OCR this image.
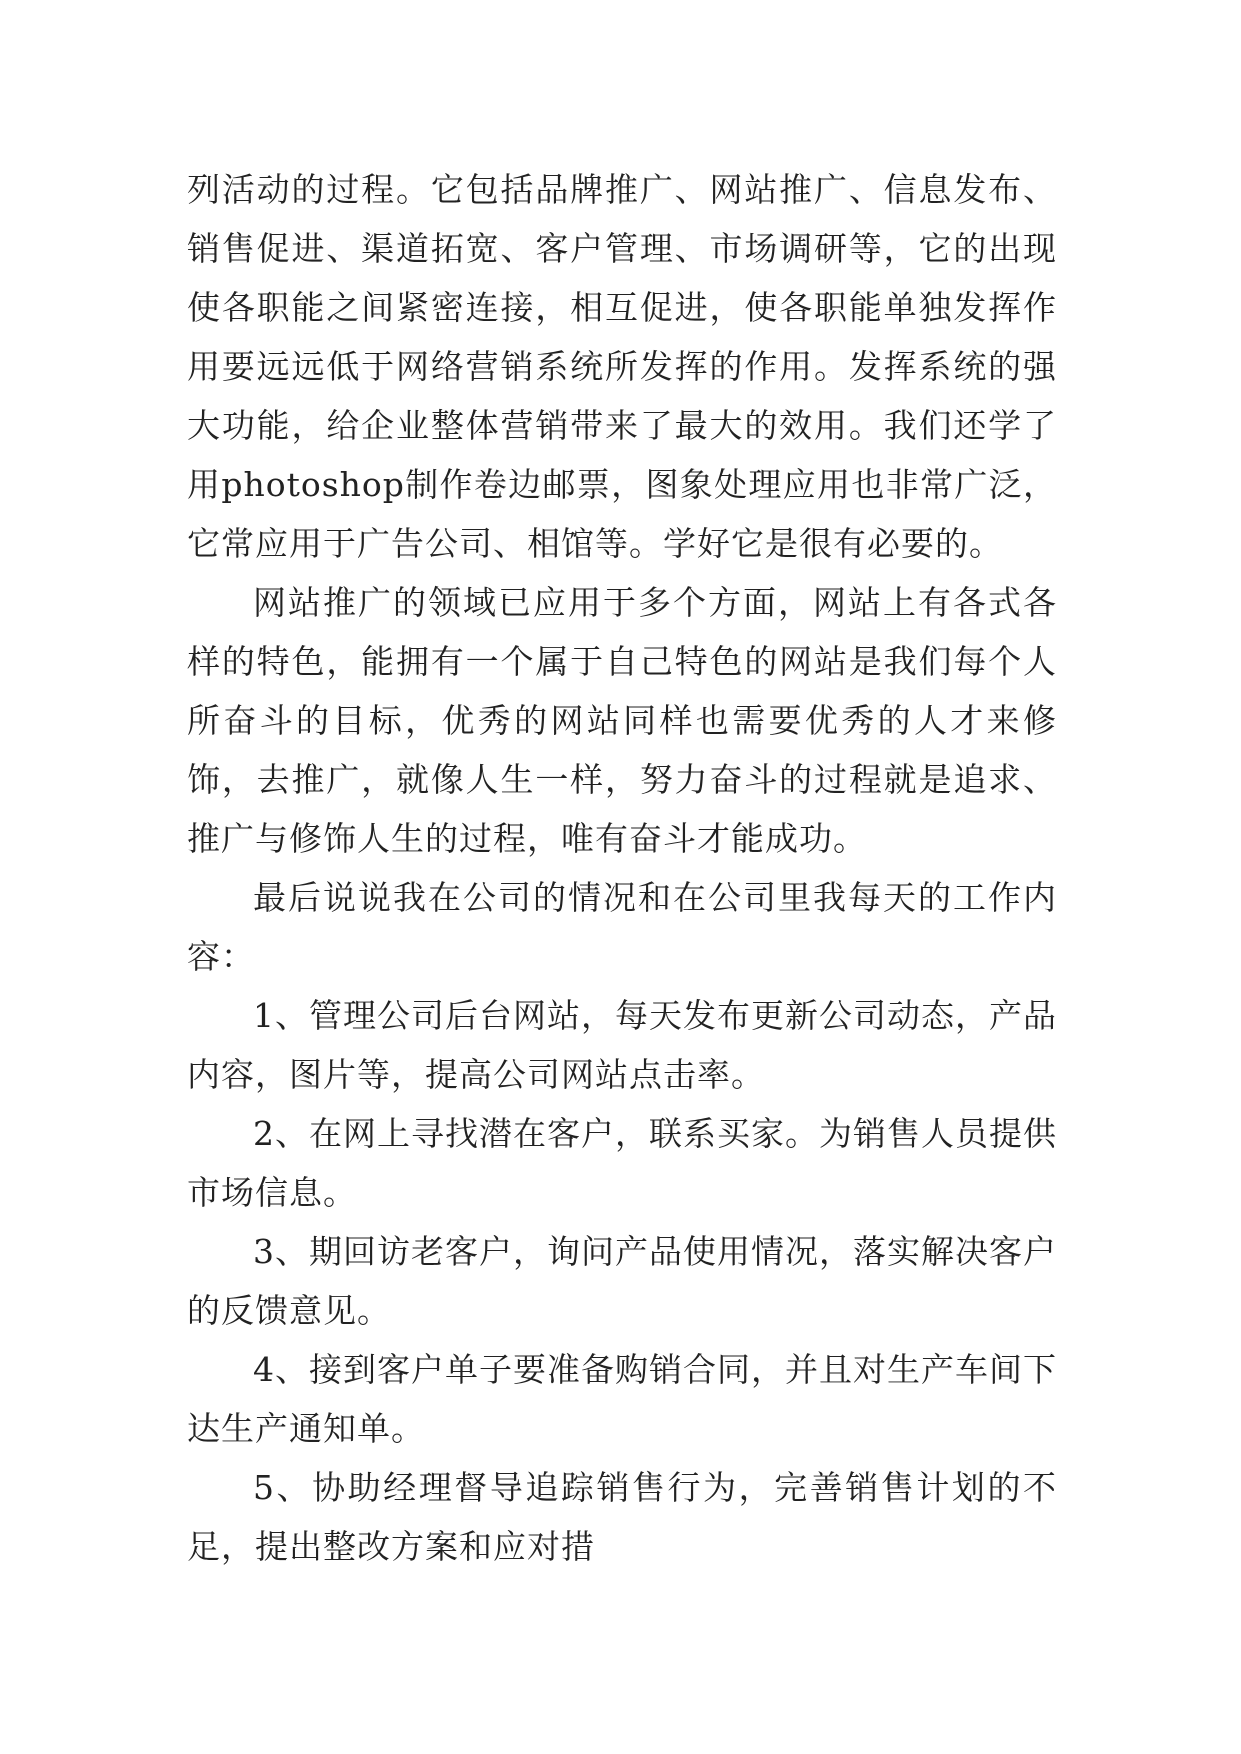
列活动的过程。它包括品牌推广、网站推广、信息发布、销售促进、渠道拓宽、客户管理、市场调研等，它的出现使各职能之间紧密连接，相互促进，使各职能单独发挥作用要远远低于网络营销系统所发挥的作用。发挥系统的强大功能，给企业整体营销带来了最大的效用。我们还学了用photoshop制作卷边邮票，图象处理应用也非常广泛，它常应用于广告公司、相馆等。学好它是很有必要的。

网站推广的领域已应用于多个方面，网站上有各式各样的特色，能拥有一个属于自己特色的网站是我们每个人所奋斗的目标，优秀的网站同样也需要优秀的人才来修饰，去推广，就像人生一样，努力奋斗的过程就是追求、推广与修饰人生的过程，唯有奋斗才能成功。

最后说说我在公司的情况和在公司里我每天的工作内容：

1、管理公司后台网站，每天发布更新公司动态，产品内容，图片等，提高公司网站点击率。

2、在网上寻找潜在客户，联系买家。为销售人员提供市场信息。

3、期回访老客户，询问产品使用情况，落实解决客户的反馈意见。

4、接到客户单子要准备购销合同，并且对生产车间下达生产通知单。

5、协助经理督导追踪销售行为，完善销售计划的不足，提出整改方案和应对措
